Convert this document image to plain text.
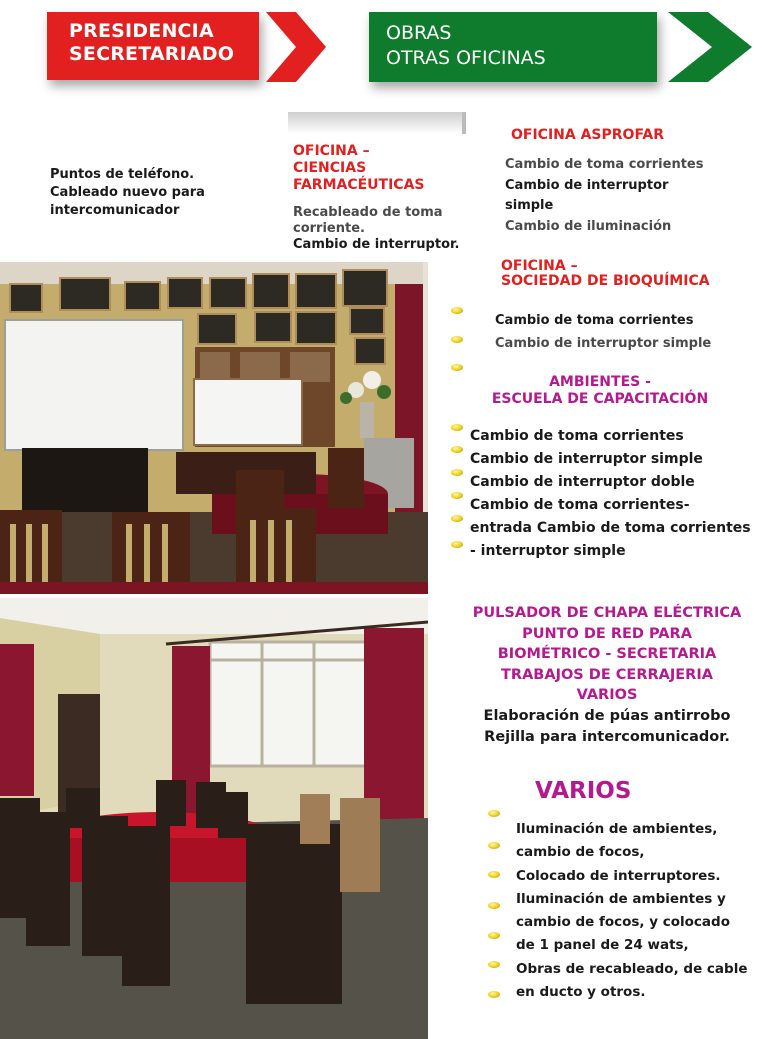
PRESIDENCIA
SECRETARIADO
OBRAS
OTRAS OFICINAS
Puntos de teléfono.
Cableado nuevo para
intercomunicador
OFICINA –
CIENCIAS
FARMACÉUTICAS
Recableado de toma
corriente.
Cambio de interruptor.
OFICINA ASPROFAR
Cambio de toma corrientes
Cambio de interruptor
simple
Cambio de iluminación
OFICINA –
SOCIEDAD DE BIOQUÍMICA
Cambio de toma corrientes
Cambio de interruptor simple
AMBIENTES -
ESCUELA DE CAPACITACIÓN
Cambio de toma corrientes
Cambio de interruptor simple
Cambio de interruptor doble
Cambio de toma corrientes-
entrada Cambio de toma corrientes
- interruptor simple
PULSADOR DE CHAPA ELÉCTRICA
PUNTO DE RED PARA
BIOMÉTRICO - SECRETARIA
TRABAJOS DE CERRAJERIA
VARIOS
Elaboración de púas antirrobo
Rejilla para intercomunicador.
VARIOS
Iluminación de ambientes,
cambio de focos,
Colocado de interruptores.
Iluminación de ambientes y
cambio de focos, y colocado
de 1 panel de 24 wats,
Obras de recableado, de cable
en ducto y otros.
